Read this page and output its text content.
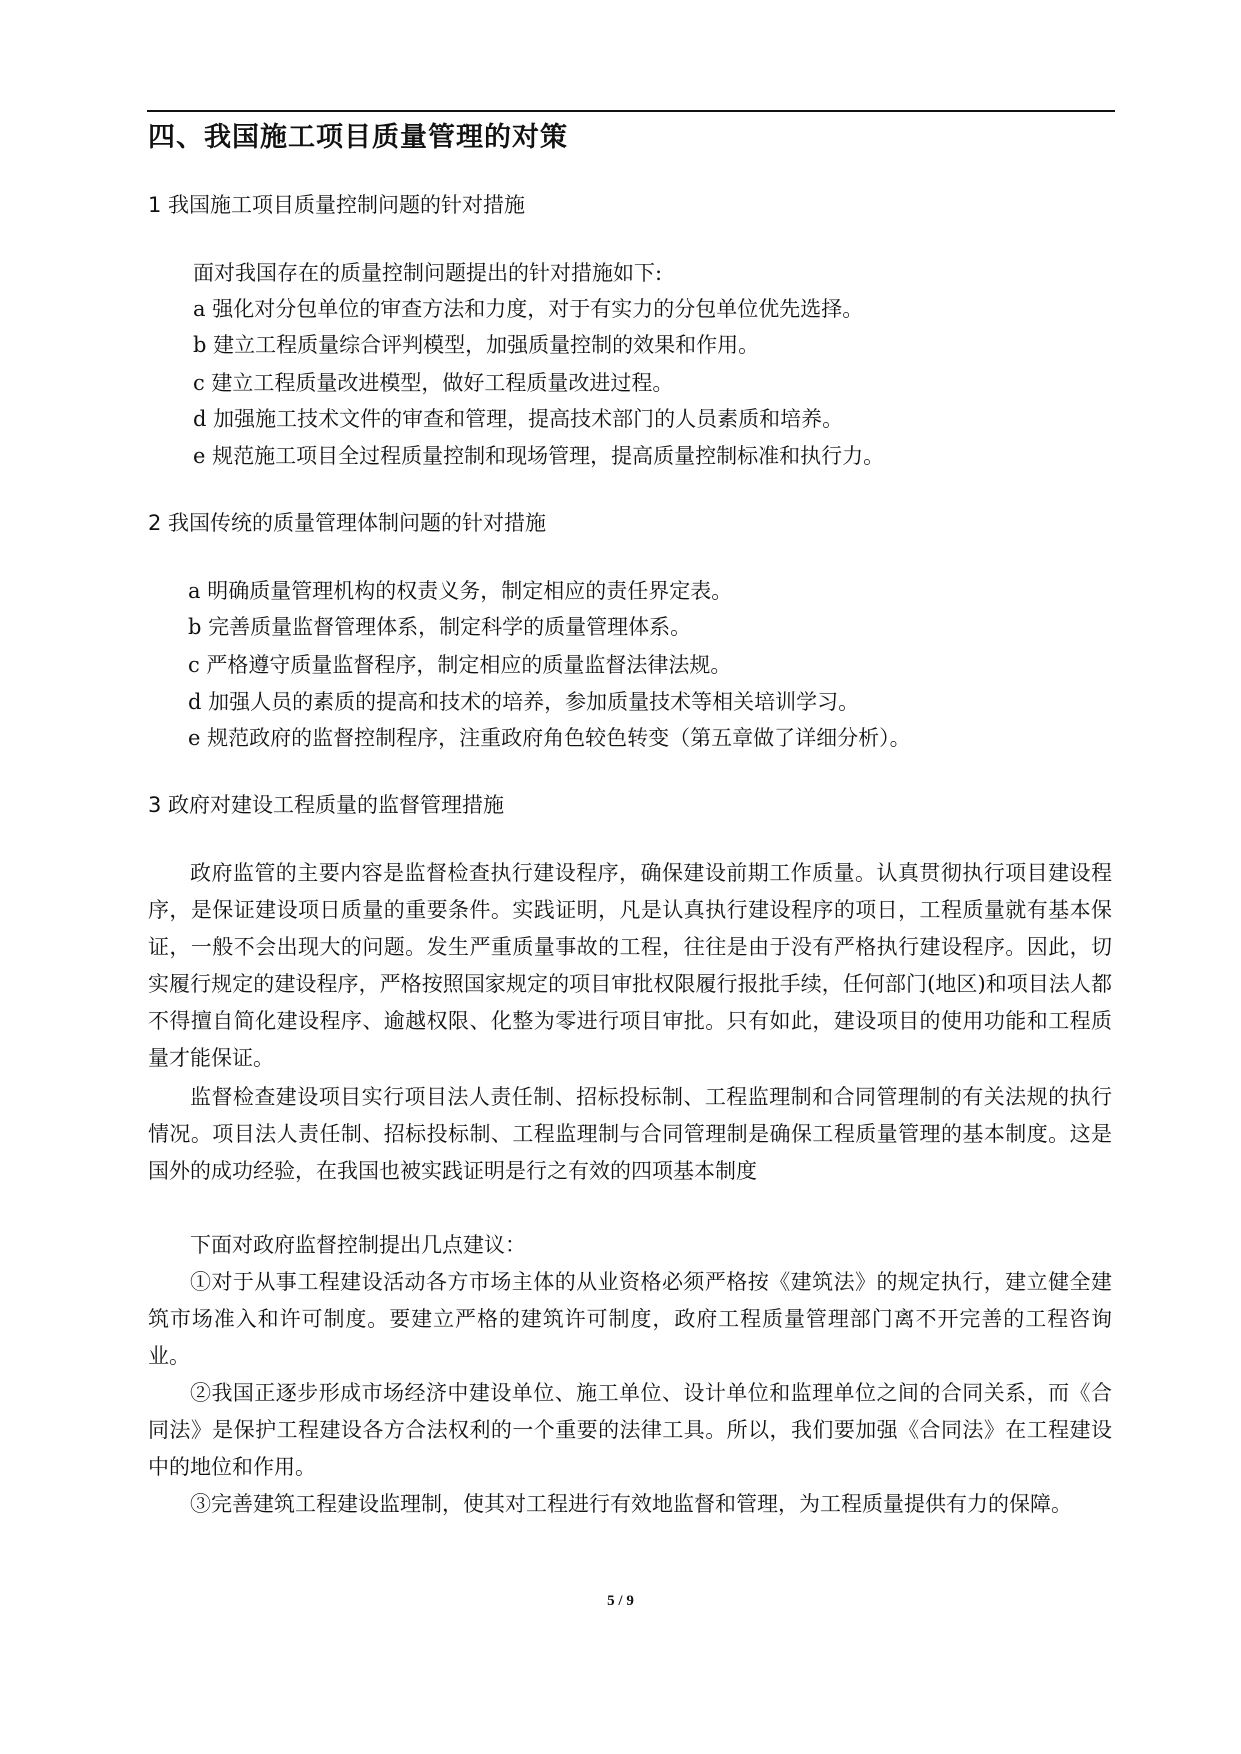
四、我国施工项目质量管理的对策
1 我国施工项目质量控制问题的针对措施

面对我国存在的质量控制问题提出的针对措施如下:

a 强化对分包单位的审查方法和力度，对于有实力的分包单位优先选择。

b 建立工程质量综合评判模型，加强质量控制的效果和作用。

c 建立工程质量改进模型，做好工程质量改进过程。

d 加强施工技术文件的审查和管理，提高技术部门的人员素质和培养。

e 规范施工项目全过程质量控制和现场管理，提高质量控制标准和执行力。

2 我国传统的质量管理体制问题的针对措施

a 明确质量管理机构的权责义务，制定相应的责任界定表。

b 完善质量监督管理体系，制定科学的质量管理体系。

c 严格遵守质量监督程序，制定相应的质量监督法律法规。

d 加强人员的素质的提高和技术的培养，参加质量技术等相关培训学习。

e 规范政府的监督控制程序，注重政府角色较色转变（第五章做了详细分析）。

3 政府对建设工程质量的监督管理措施

政府监管的主要内容是监督检查执行建设程序，确保建设前期工作质量。认真贯彻执行项目建设程序，是保证建设项日质量的重要条件。实践证明，凡是认真执行建设程序的项日，工程质量就有基本保证，一般不会出现大的问题。发生严重质量事故的工程，往往是由于没有严格执行建设程序。因此，切实履行规定的建设程序，严格按照国家规定的项目审批权限履行报批手续，任何部门(地区)和项目法人都不得擅自简化建设程序、逾越权限、化整为零进行项目审批。只有如此，建设项目的使用功能和工程质量才能保证。

监督检查建设项目实行项目法人责任制、招标投标制、工程监理制和合同管理制的有关法规的执行情况。项目法人责任制、招标投标制、工程监理制与合同管理制是确保工程质量管理的基本制度。这是国外的成功经验，在我国也被实践证明是行之有效的四项基本制度

下面对政府监督控制提出几点建议：

①对于从事工程建设活动各方市场主体的从业资格必须严格按《建筑法》的规定执行，建立健全建筑市场准入和许可制度。要建立严格的建筑许可制度，政府工程质量管理部门离不开完善的工程咨询业。

②我国正逐步形成市场经济中建设单位、施工单位、设计单位和监理单位之间的合同关系，而《合同法》是保护工程建设各方合法权利的一个重要的法律工具。所以，我们要加强《合同法》在工程建设中的地位和作用。

③完善建筑工程建设监理制，使其对工程进行有效地监督和管理，为工程质量提供有力的保障。

5 / 9
